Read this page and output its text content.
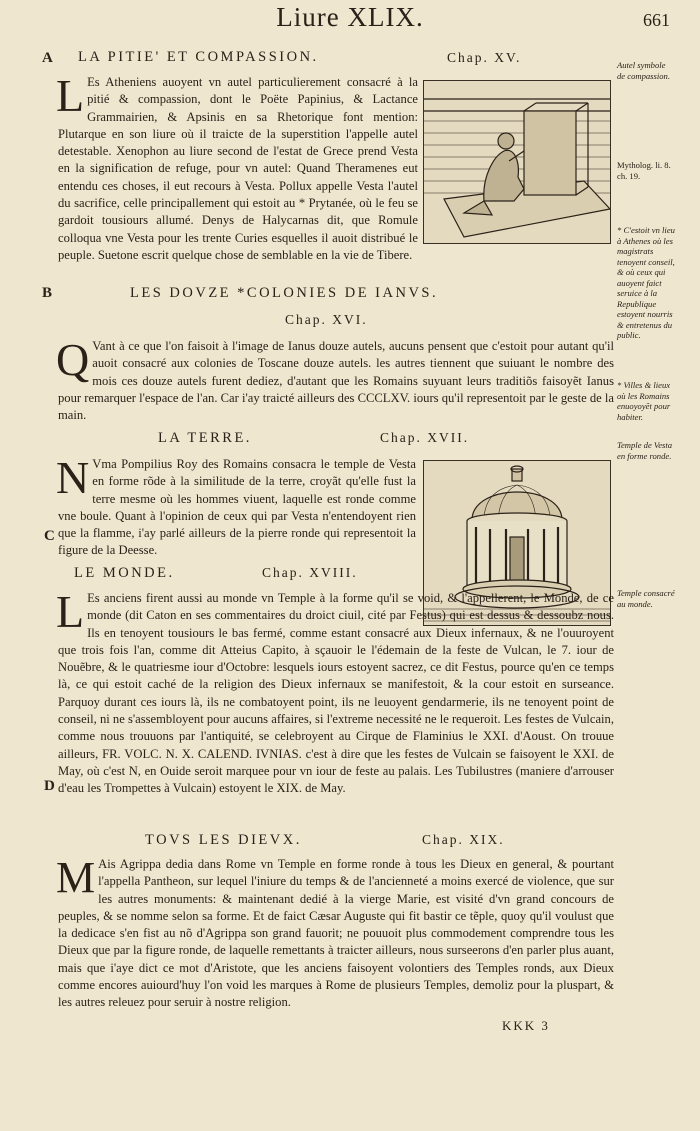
Liure XLIX.	661
A
B
C
D
LA PITIE' ET COMPASSION.	Chap. XV.
L Es Atheniens auoyent vn autel particulierement consacré à la pitié & compassion, dont le Poëte Papinius, & Lactance Grammairien, & Apsinis en sa Rhetorique font mention: Plutarque en son liure où il traicte de la superstition l'appelle autel detestable. Xenophon au liure second de l'estat de Grece prend Vesta en la signification de refuge, pour vn autel: Quand Theramenes eut entendu ces choses, il eut recours à Vesta. Pollux appelle Vesta l'autel du sacrifice, celle principallement qui estoit au * Prytanée, où le feu se gardoit tousiours allumé. Denys de Halycarnas dit, que Romule colloqua vne Vesta pour les trente Curies esquelles il auoit distribué le peuple. Suetone escrit quelque chose de semblable en la vie de Tibere.
LES DOVZE *COLONIES DE IANVS.
Chap. XVI.
Q Vant à ce que l'on faisoit à l'image de Ianus douze autels, aucuns pensent que c'estoit pour autant qu'il auoit consacré aux colonies de Toscane douze autels. les autres tiennent que suiuant le nombre des mois ces douze autels furent dediez, d'autant que les Romains suyuant leurs traditiõs faisoyẽt Ianus pour remarquer l'espace de l'an. Car i'ay traicté ailleurs des CCCLXV. iours qu'il representoit par le geste de la main.
LA TERRE.	Chap. XVII.
N Vma Pompilius Roy des Romains consacra le temple de Vesta en forme rõde à la similitude de la terre, croyãt qu'elle fust la terre mesme où les hommes viuent, laquelle est ronde comme vne boule. Quant à l'opinion de ceux qui par Vesta n'entendoyent rien que la flamme, i'ay parlé ailleurs de la pierre ronde qui representoit la figure de la Deesse.
LE MONDE.	Chap. XVIII.
L Es anciens firent aussi au monde vn Temple à la forme qu'il se void, & l'appellerent, le Monde, de ce monde (dit Caton en ses commentaires du droict ciuil, cité par Festus) qui est dessus & dessoubz nous. Ils en tenoyent tousiours le bas fermé, comme estant consacré aux Dieux infernaux, & ne l'ouuroyent que trois fois l'an, comme dit Atteius Capito, à sçauoir le l'édemain de la feste de Vulcan, le 7. iour de Nouẽbre, & le quatriesme iour d'Octobre: lesquels iours estoyent sacrez, ce dit Festus, pource qu'en ce temps là, ce qui estoit caché de la religion des Dieux infernaux se manifestoit, & la cour estoit en surseance. Parquoy durant ces iours là, ils ne combatoyent point, ils ne leuoyent gendarmerie, ils ne tenoyent point de conseil, ni ne s'assembloyent pour aucuns affaires, si l'extreme necessité ne le requeroit. Les festes de Vulcain, comme nous trouuons par l'antiquité, se celebroyent au Cirque de Flaminius le XXI. d'Aoust. On trouue ailleurs, FR. VOLC. N. X. CALEND. IVNIAS. c'est à dire que les festes de Vulcain se faisoyent le XXI. de May, où c'est N, en Ouide seroit marquee pour vn iour de feste au palais. Les Tubilustres (maniere d'arrouser d'eau les Trompettes à Vulcain) estoyent le XIX. de May.
TOVS LES DIEVX.	Chap. XIX.
M Ais Agrippa dedia dans Rome vn Temple en forme ronde à tous les Dieux en general, & pourtant l'appella Pantheon, sur lequel l'iniure du temps & de l'ancienneté a moins exercé de violence, que sur les autres monuments: & maintenant dedié à la vierge Marie, est visité d'vn grand concours de peuples, & se nomme selon sa forme. Et de faict Cæsar Auguste qui fit bastir ce tẽple, quoy qu'il voulust que la dedicace s'en fist au nõ d'Agrippa son grand fauorit; ne pouuoit plus commodement comprendre tous les Dieux que par la figure ronde, de laquelle remettants à traicter ailleurs, nous surseerons d'en parler plus auant, mais que i'aye dict ce mot d'Aristote, que les anciens faisoyent volontiers des Temples ronds, aux Dieux comme encores auiourd'huy l'on void les marques à Rome de plusieurs Temples, demoliz pour la pluspart, & les autres releuez pour seruir à nostre religion.
Autel symbole de compassion.
Mytholog. li. 8. ch. 19.
* C'estoit vn lieu à Athenes où les magistrats tenoyent conseil, & où ceux qui auoyent faict seruice à la Republique estoyent nourris & entretenus du public.
* Villes & lieux où les Romains enuoyoyẽt pour habiter.
Temple de Vesta en forme ronde.
Temple consacré au monde.
KKK 3
